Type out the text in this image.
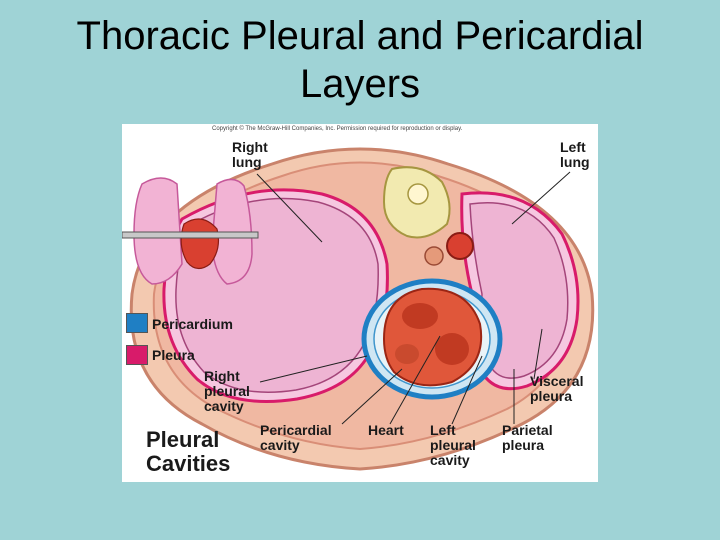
Thoracic Pleural and Pericardial
Layers
Copyright © The McGraw-Hill Companies, Inc. Permission required for reproduction or display.
Right
lung
Left
lung
Pericardium
Pleura
Right
pleural
cavity
Visceral
pleura
Pericardial
cavity
Heart Left
pleural
cavity
Parietal
pleura
Pleural
Cavities
